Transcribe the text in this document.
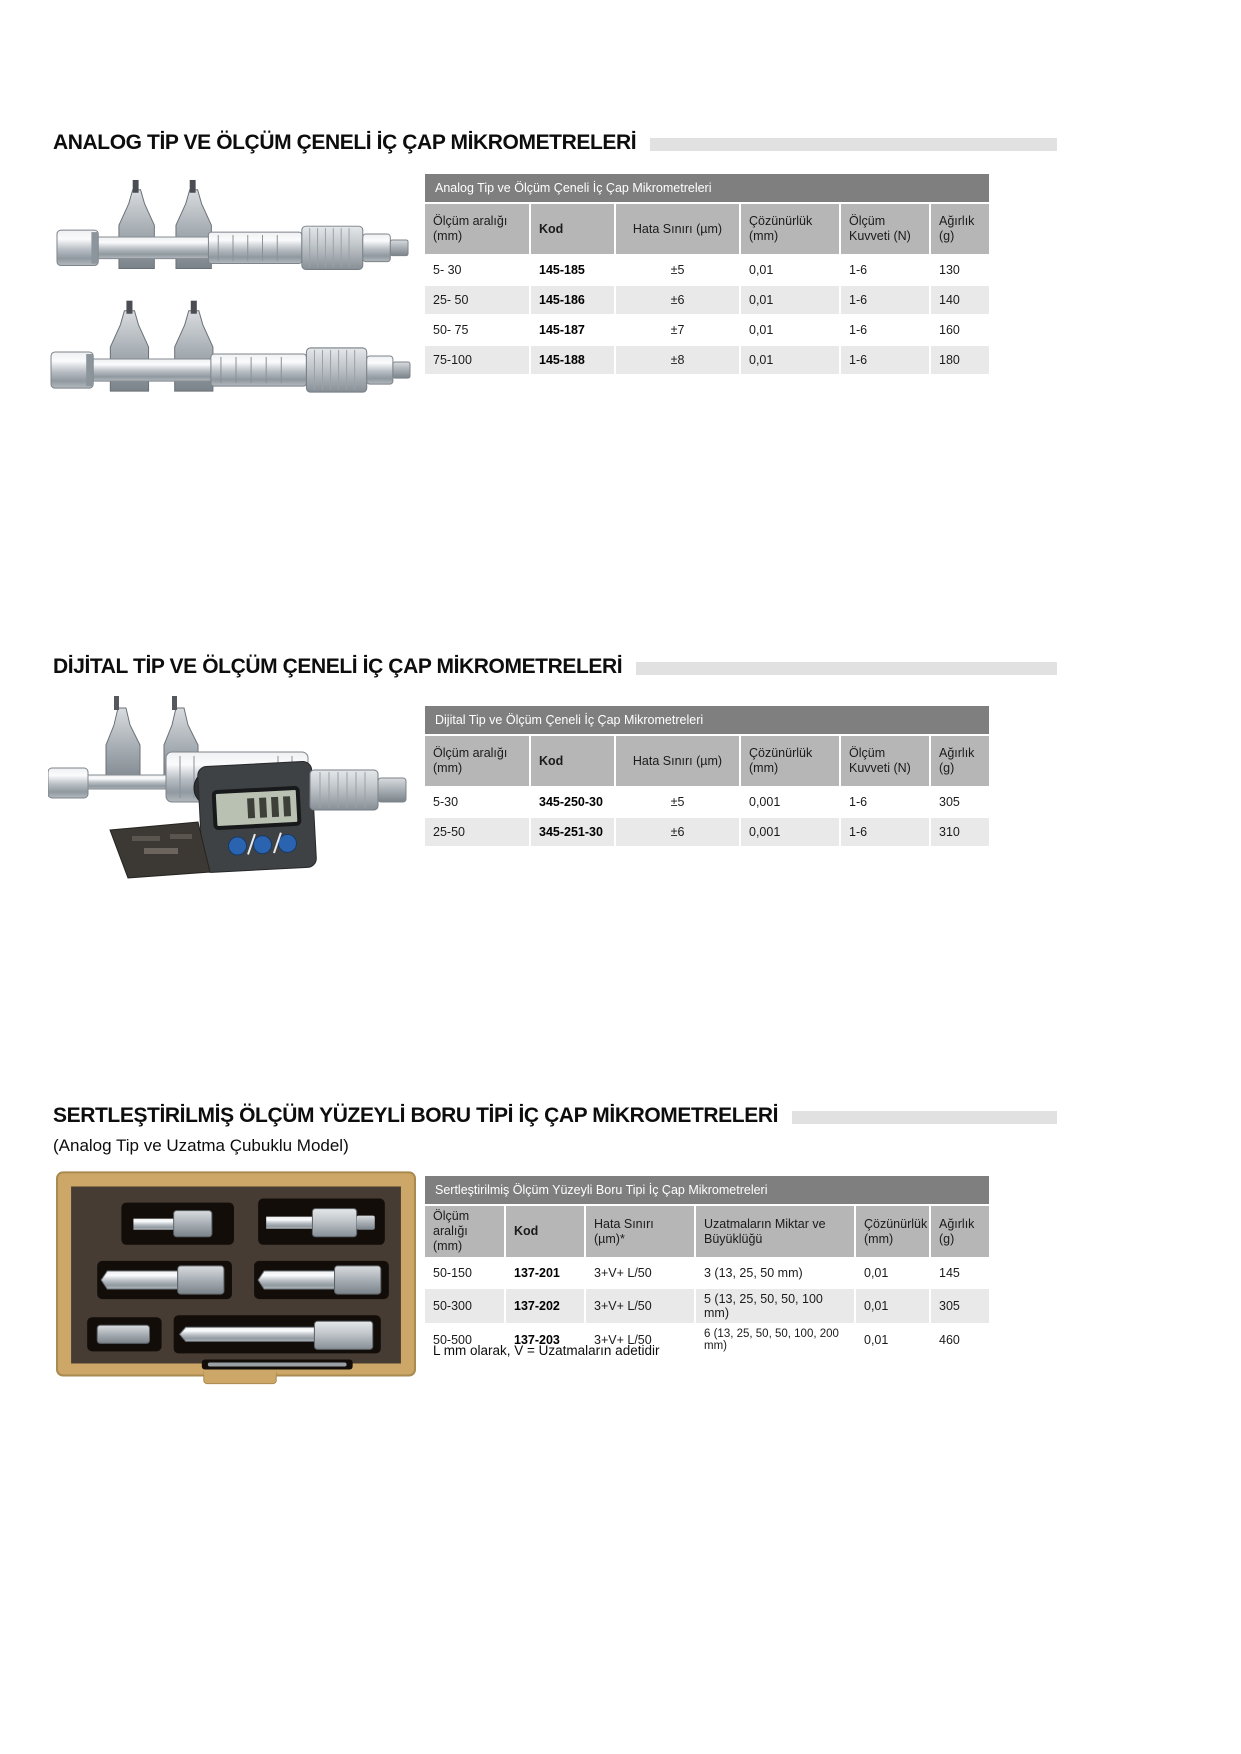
ANALOG TİP VE ÖLÇÜM ÇENELİ İÇ ÇAP MİKROMETRELERİ
Analog Tip ve Ölçüm Çeneli İç Çap Mikrometreleri					
Ölçüm aralığı (mm)	Kod	Hata Sınırı (µm)	Çözünürlük (mm)	Ölçüm Kuvveti (N)	Ağırlık (g)
5- 30	145-185	±5	0,01	1-6	130
25- 50	145-186	±6	0,01	1-6	140
50- 75	145-187	±7	0,01	1-6	160
75-100	145-188	±8	0,01	1-6	180
DİJİTAL TİP VE ÖLÇÜM ÇENELİ İÇ ÇAP MİKROMETRELERİ
Dijital Tip ve Ölçüm Çeneli İç Çap Mikrometreleri					
Ölçüm aralığı (mm)	Kod	Hata Sınırı (µm)	Çözünürlük (mm)	Ölçüm Kuvveti (N)	Ağırlık (g)
5-30	345-250-30	±5	0,001	1-6	305
25-50	345-251-30	±6	0,001	1-6	310
SERTLEŞTİRİLMİŞ ÖLÇÜM YÜZEYLİ BORU TİPİ İÇ ÇAP MİKROMETRELERİ
(Analog Tip ve Uzatma Çubuklu Model)
Sertleştirilmiş Ölçüm Yüzeyli Boru Tipi İç Çap Mikrometreleri					
Ölçüm aralığı (mm)	Kod	Hata Sınırı (µm)*	Uzatmaların Miktar ve Büyüklüğü	Çözünürlük (mm)	Ağırlık (g)
50-150	137-201	3+V+ L/50	3 (13, 25, 50 mm)	0,01	145
50-300	137-202	3+V+ L/50	5 (13, 25, 50, 50, 100 mm)	0,01	305
50-500	137-203	3+V+ L/50	6 (13, 25, 50, 50, 100, 200 mm)	0,01	460
L mm olarak, V = Uzatmaların adetidir
